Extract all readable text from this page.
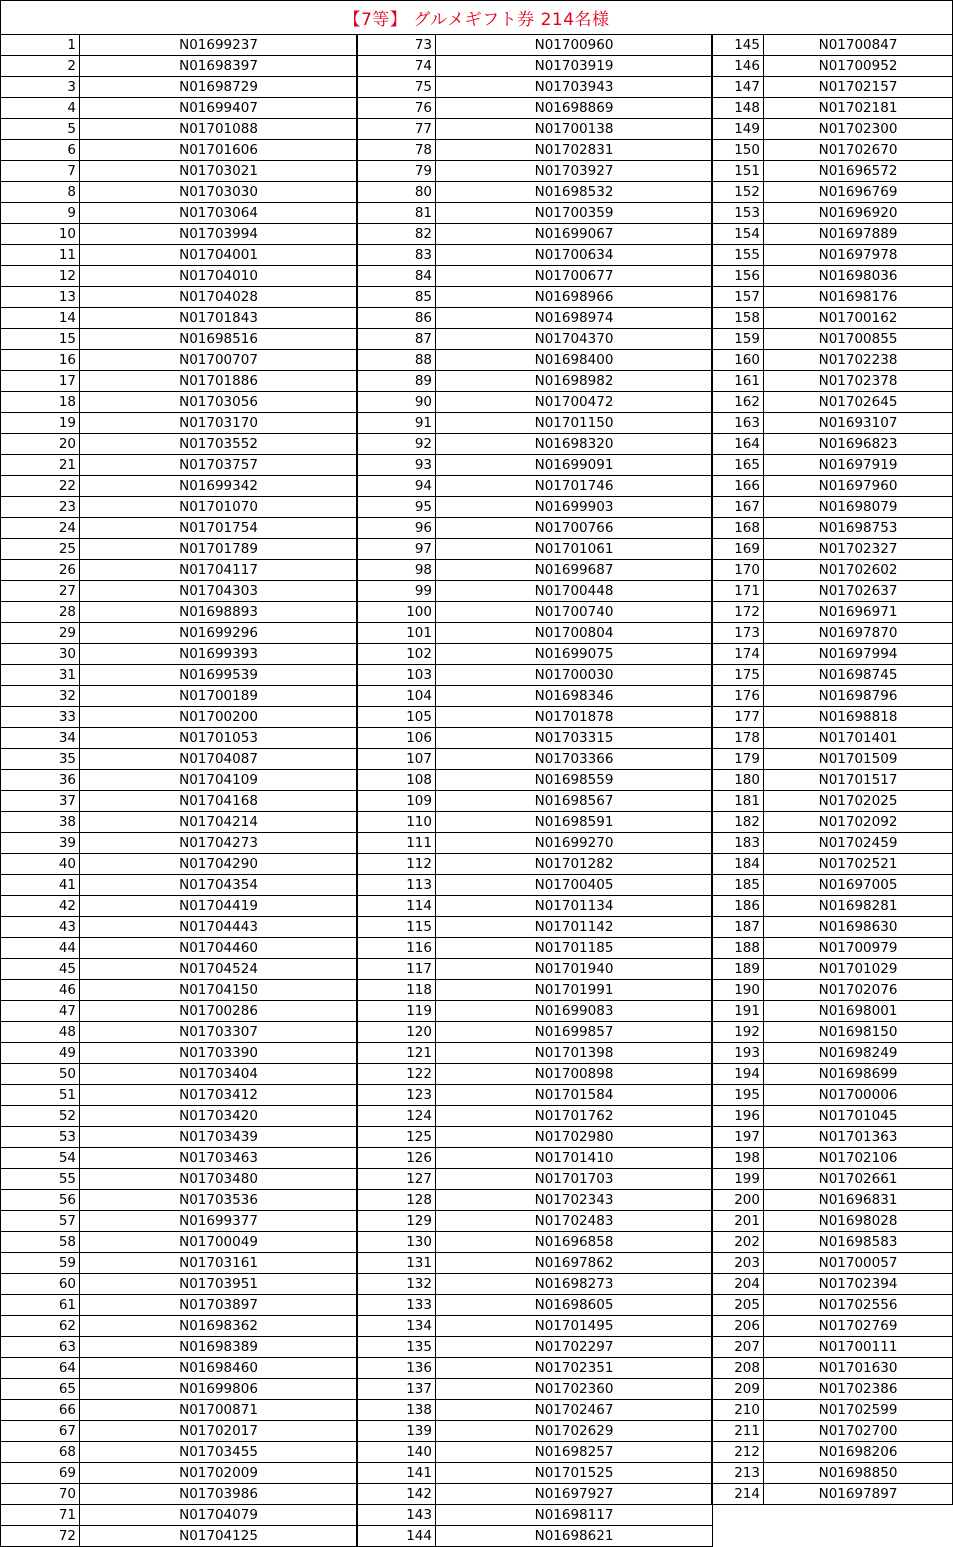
【7等】 グルメギフト券 214名様
1	N01699237
2	N01698397
3	N01698729
4	N01699407
5	N01701088
6	N01701606
7	N01703021
8	N01703030
9	N01703064
10	N01703994
11	N01704001
12	N01704010
13	N01704028
14	N01701843
15	N01698516
16	N01700707
17	N01701886
18	N01703056
19	N01703170
20	N01703552
21	N01703757
22	N01699342
23	N01701070
24	N01701754
25	N01701789
26	N01704117
27	N01704303
28	N01698893
29	N01699296
30	N01699393
31	N01699539
32	N01700189
33	N01700200
34	N01701053
35	N01704087
36	N01704109
37	N01704168
38	N01704214
39	N01704273
40	N01704290
41	N01704354
42	N01704419
43	N01704443
44	N01704460
45	N01704524
46	N01704150
47	N01700286
48	N01703307
49	N01703390
50	N01703404
51	N01703412
52	N01703420
53	N01703439
54	N01703463
55	N01703480
56	N01703536
57	N01699377
58	N01700049
59	N01703161
60	N01703951
61	N01703897
62	N01698362
63	N01698389
64	N01698460
65	N01699806
66	N01700871
67	N01702017
68	N01703455
69	N01702009
70	N01703986
71	N01704079
72	N01704125
73	N01700960
74	N01703919
75	N01703943
76	N01698869
77	N01700138
78	N01702831
79	N01703927
80	N01698532
81	N01700359
82	N01699067
83	N01700634
84	N01700677
85	N01698966
86	N01698974
87	N01704370
88	N01698400
89	N01698982
90	N01700472
91	N01701150
92	N01698320
93	N01699091
94	N01701746
95	N01699903
96	N01700766
97	N01701061
98	N01699687
99	N01700448
100	N01700740
101	N01700804
102	N01699075
103	N01700030
104	N01698346
105	N01701878
106	N01703315
107	N01703366
108	N01698559
109	N01698567
110	N01698591
111	N01699270
112	N01701282
113	N01700405
114	N01701134
115	N01701142
116	N01701185
117	N01701940
118	N01701991
119	N01699083
120	N01699857
121	N01701398
122	N01700898
123	N01701584
124	N01701762
125	N01702980
126	N01701410
127	N01701703
128	N01702343
129	N01702483
130	N01696858
131	N01697862
132	N01698273
133	N01698605
134	N01701495
135	N01702297
136	N01702351
137	N01702360
138	N01702467
139	N01702629
140	N01698257
141	N01701525
142	N01697927
143	N01698117
144	N01698621
145	N01700847
146	N01700952
147	N01702157
148	N01702181
149	N01702300
150	N01702670
151	N01696572
152	N01696769
153	N01696920
154	N01697889
155	N01697978
156	N01698036
157	N01698176
158	N01700162
159	N01700855
160	N01702238
161	N01702378
162	N01702645
163	N01693107
164	N01696823
165	N01697919
166	N01697960
167	N01698079
168	N01698753
169	N01702327
170	N01702602
171	N01702637
172	N01696971
173	N01697870
174	N01697994
175	N01698745
176	N01698796
177	N01698818
178	N01701401
179	N01701509
180	N01701517
181	N01702025
182	N01702092
183	N01702459
184	N01702521
185	N01697005
186	N01698281
187	N01698630
188	N01700979
189	N01701029
190	N01702076
191	N01698001
192	N01698150
193	N01698249
194	N01698699
195	N01700006
196	N01701045
197	N01701363
198	N01702106
199	N01702661
200	N01696831
201	N01698028
202	N01698583
203	N01700057
204	N01702394
205	N01702556
206	N01702769
207	N01700111
208	N01701630
209	N01702386
210	N01702599
211	N01702700
212	N01698206
213	N01698850
214	N01697897
